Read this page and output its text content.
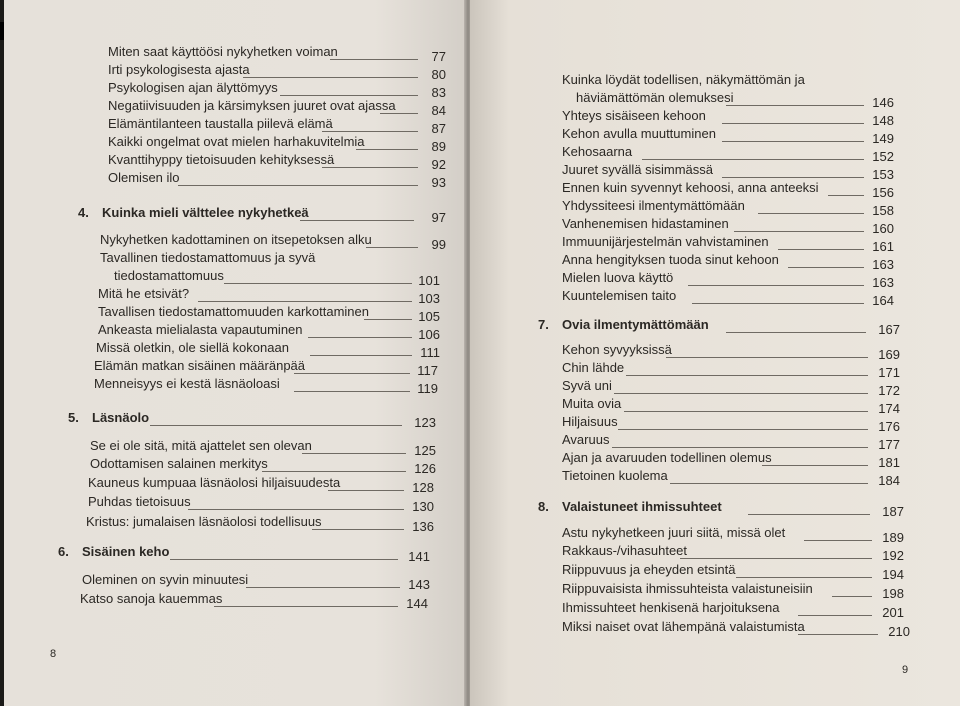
Miten saat käyttöösi nykyhetken voiman	77
Irti psykologisesta ajasta	80
Psykologisen ajan älyttömyys	83
Negatiivisuuden ja kärsimyksen juuret ovat ajassa	84
Elämäntilanteen taustalla piilevä elämä	87
Kaikki ongelmat ovat mielen harhakuvitelmia	89
Kvanttihyppy tietoisuuden kehityksessä	92
Olemisen ilo	93
4. Kuinka mieli välttelee nykyhetkeä	97
Nykyhetken kadottaminen on itsepetoksen alku	99
Tavallinen tiedostamattomuus ja syvä
tiedostamattomuus	101
Mitä he etsivät?	103
Tavallisen tiedostamattomuuden karkottaminen	105
Ankeasta mielialasta vapautuminen	106
Missä oletkin, ole siellä kokonaan	111
Elämän matkan sisäinen määränpää	117
Menneisyys ei kestä läsnäoloasi	119
5. Läsnäolo	123
Se ei ole sitä, mitä ajattelet sen olevan	125
Odottamisen salainen merkitys	126
Kauneus kumpuaa läsnäolosi hiljaisuudesta	128
Puhdas tietoisuus	130
Kristus: jumalaisen läsnäolosi todellisuus	136
6. Sisäinen keho	141
Oleminen on syvin minuutesi	143
Katso sanoja kauemmas	144
8
Kuinka löydät todellisen, näkymättömän ja
häviämättömän olemuksesi	146
Yhteys sisäiseen kehoon	148
Kehon avulla muuttuminen	149
Kehosaarna	152
Juuret syvällä sisimmässä	153
Ennen kuin syvennyt kehoosi, anna anteeksi	156
Yhdyssiteesi ilmentymättömään	158
Vanhenemisen hidastaminen	160
Immuunijärjestelmän vahvistaminen	161
Anna hengityksen tuoda sinut kehoon	163
Mielen luova käyttö	163
Kuuntelemisen taito	164
7. Ovia ilmentymättömään	167
Kehon syvyyksissä	169
Chin lähde	171
Syvä uni	172
Muita ovia	174
Hiljaisuus	176
Avaruus	177
Ajan ja avaruuden todellinen olemus	181
Tietoinen kuolema	184
8. Valaistuneet ihmissuhteet	187
Astu nykyhetkeen juuri siitä, missä olet	189
Rakkaus-/vihasuhteet	192
Riippuvuus ja eheyden etsintä	194
Riippuvaisista ihmissuhteista valaistuneisiin	198
Ihmissuhteet henkisenä harjoituksena	201
Miksi naiset ovat lähempänä valaistumista	210
9
